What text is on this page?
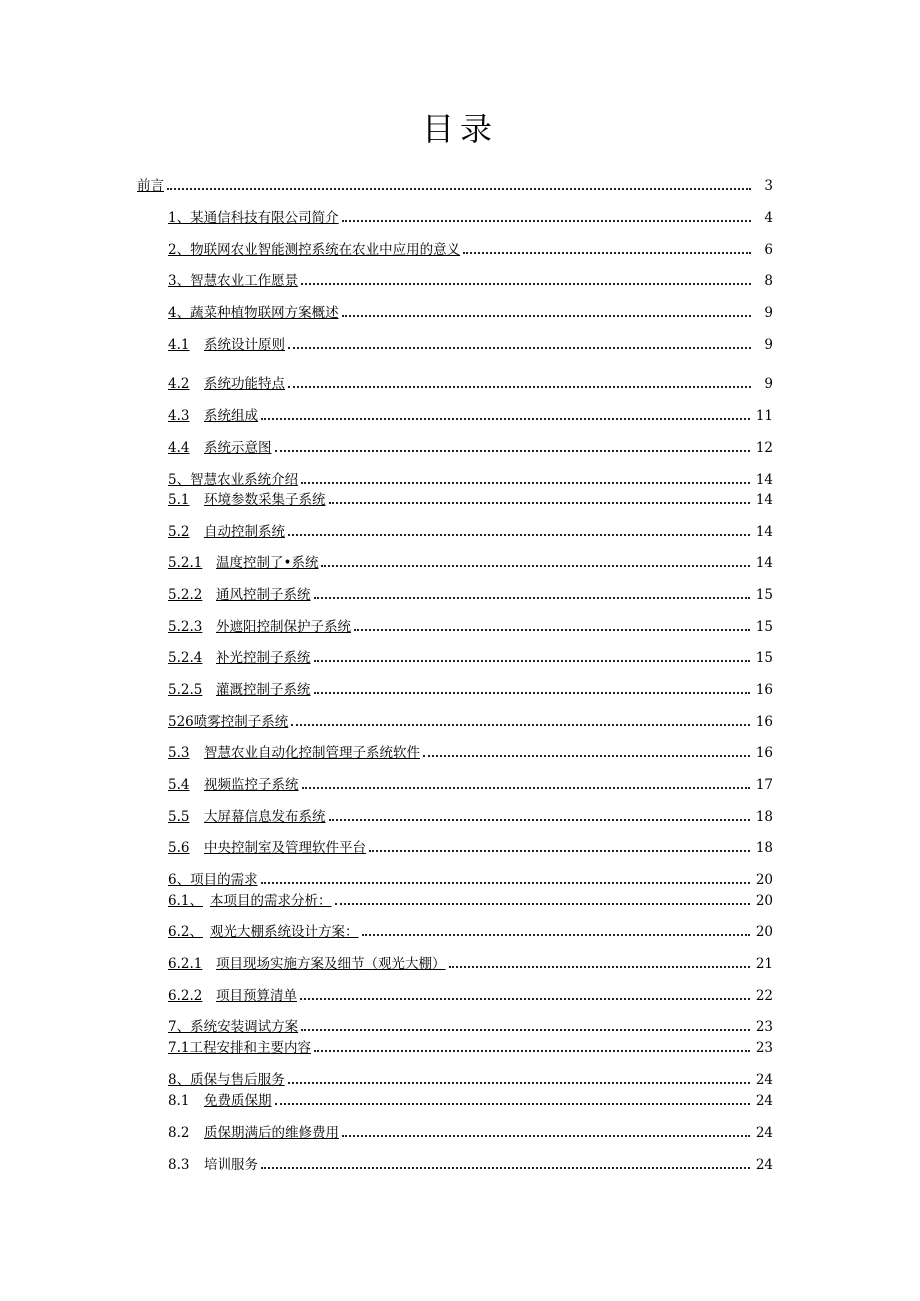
目录
前言	3
1、某通信科技有限公司简介	4
2、物联网农业智能测控系统在农业中应用的意义	6
3、智慧农业工作愿景	8
4、蔬菜种植物联网方案概述	9
4.1	系统设计原则	9
4.2	系统功能特点	9
4.3	系统组成	11
4.4	系统示意图	12
5、智慧农业系统介绍	14
5.1	环境参数采集子系统	14
5.2	自动控制系统	14
5.2.1	温度控制了•系统	14
5.2.2	通风控制子系统	15
5.2.3	外遮阳控制保护子系统	15
5.2.4	补光控制子系统	15
5.2.5	灌溉控制子系统	16
526喷雾控制子系统	16
5.3	智慧农业自动化控制管理子系统软件	16
5.4	视频监控子系统	17
5.5	大屏幕信息发布系统	18
5.6	中央控制室及管理软件平台	18
6、项目的需求	20
6.1、 本项目的需求分析：	20
6.2、 观光大棚系统设计方案：	20
6.2.1	项目现场实施方案及细节（观光大棚）	21
6.2.2	项目预算清单	22
7、系统安装调试方案	23
7.1工程安排和主要内容	23
8、质保与售后服务	24
8.1	免费质保期	24
8.2	质保期满后的维修费用	24
8.3	培训服务	24
